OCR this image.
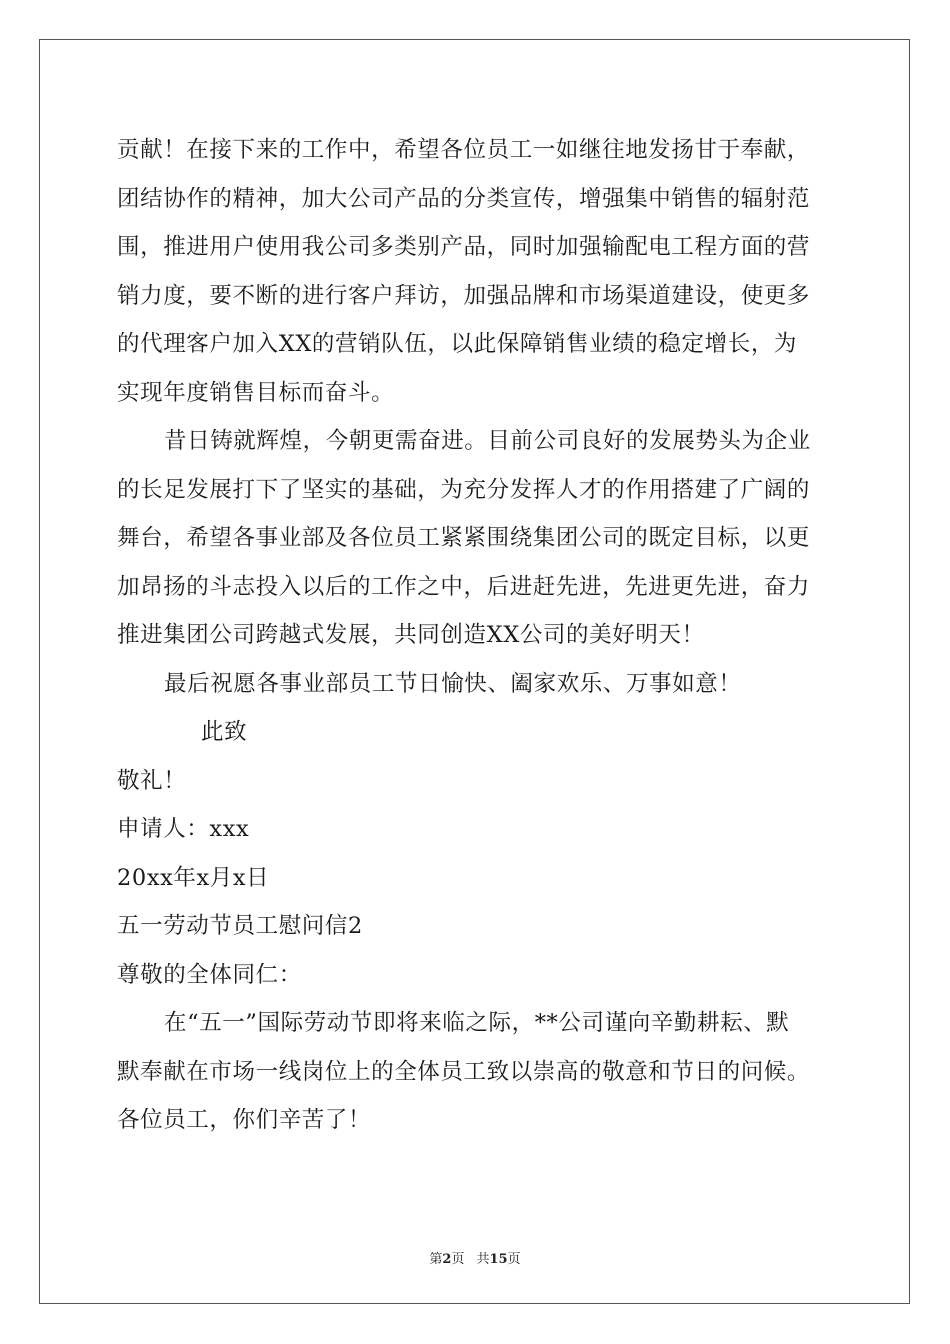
贡献！在接下来的工作中，希望各位员工一如继往地发扬甘于奉献，
团结协作的精神，加大公司产品的分类宣传，增强集中销售的辐射范
围，推进用户使用我公司多类别产品，同时加强输配电工程方面的营
销力度，要不断的进行客户拜访，加强品牌和市场渠道建设，使更多
的代理客户加入XX的营销队伍，以此保障销售业绩的稳定增长，为
实现年度销售目标而奋斗。
昔日铸就辉煌，今朝更需奋进。目前公司良好的发展势头为企业
的长足发展打下了坚实的基础，为充分发挥人才的作用搭建了广阔的
舞台，希望各事业部及各位员工紧紧围绕集团公司的既定目标，以更
加昂扬的斗志投入以后的工作之中，后进赶先进，先进更先进，奋力
推进集团公司跨越式发展，共同创造XX公司的美好明天！
最后祝愿各事业部员工节日愉快、阖家欢乐、万事如意！
此致
敬礼！
申请人：xxx
20xx年x月x日
五一劳动节员工慰问信2
尊敬的全体同仁：
在“五一”国际劳动节即将来临之际，**公司谨向辛勤耕耘、默
默奉献在市场一线岗位上的全体员工致以崇高的敬意和节日的问候。
各位员工，你们辛苦了！
第2页 共15页
